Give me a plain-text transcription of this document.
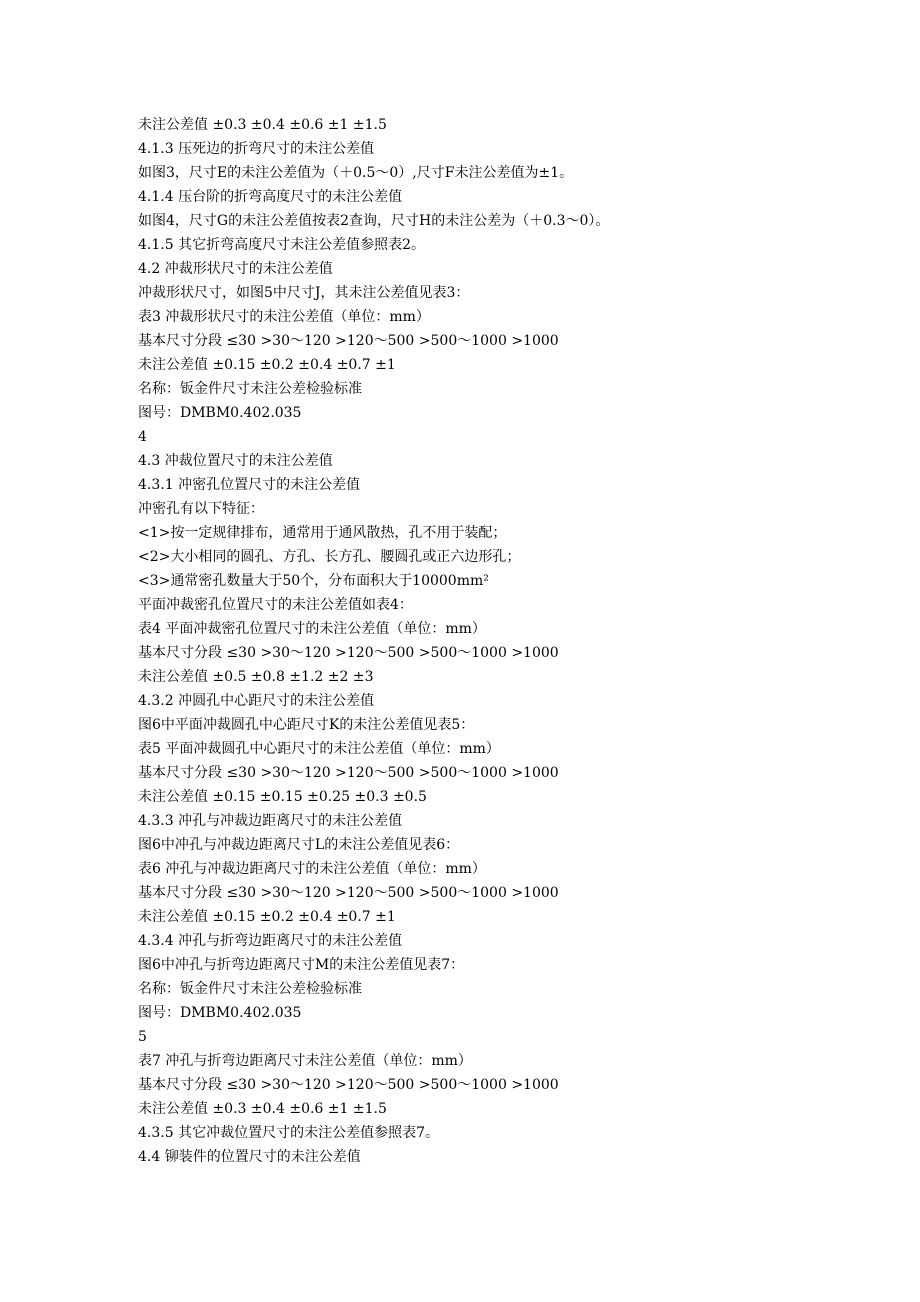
未注公差值 ±0.3 ±0.4 ±0.6 ±1 ±1.5
4.1.3 压死边的折弯尺寸的未注公差值
如图3，尺寸E的未注公差值为（＋0.5～0）,尺寸F未注公差值为±1。
4.1.4 压台阶的折弯高度尺寸的未注公差值
如图4，尺寸G的未注公差值按表2查询，尺寸H的未注公差为（＋0.3～0）。
4.1.5 其它折弯高度尺寸未注公差值参照表2。
4.2 冲裁形状尺寸的未注公差值
冲裁形状尺寸，如图5中尺寸J，其未注公差值见表3：
表3 冲裁形状尺寸的未注公差值（单位：mm）
基本尺寸分段 ≤30 >30～120 >120～500 >500～1000 >1000
未注公差值 ±0.15 ±0.2 ±0.4 ±0.7 ±1
名称：钣金件尺寸未注公差检验标准
图号：DMBM0.402.035
4
4.3 冲裁位置尺寸的未注公差值
4.3.1 冲密孔位置尺寸的未注公差值
冲密孔有以下特征：
<1>按一定规律排布，通常用于通风散热，孔不用于装配；
<2>大小相同的圆孔、方孔、长方孔、腰圆孔或正六边形孔；
<3>通常密孔数量大于50个，分布面积大于10000mm²
平面冲裁密孔位置尺寸的未注公差值如表4：
表4 平面冲裁密孔位置尺寸的未注公差值（单位：mm）
基本尺寸分段 ≤30 >30～120 >120～500 >500～1000 >1000
未注公差值 ±0.5 ±0.8 ±1.2 ±2 ±3
4.3.2 冲圆孔中心距尺寸的未注公差值
图6中平面冲裁圆孔中心距尺寸K的未注公差值见表5：
表5 平面冲裁圆孔中心距尺寸的未注公差值（单位：mm）
基本尺寸分段 ≤30 >30～120 >120～500 >500～1000 >1000
未注公差值 ±0.15 ±0.15 ±0.25 ±0.3 ±0.5
4.3.3 冲孔与冲裁边距离尺寸的未注公差值
图6中冲孔与冲裁边距离尺寸L的未注公差值见表6：
表6 冲孔与冲裁边距离尺寸的未注公差值（单位：mm）
基本尺寸分段 ≤30 >30～120 >120～500 >500～1000 >1000
未注公差值 ±0.15 ±0.2 ±0.4 ±0.7 ±1
4.3.4 冲孔与折弯边距离尺寸的未注公差值
图6中冲孔与折弯边距离尺寸M的未注公差值见表7：
名称：钣金件尺寸未注公差检验标准
图号：DMBM0.402.035
5
表7 冲孔与折弯边距离尺寸未注公差值（单位：mm）
基本尺寸分段 ≤30 >30～120 >120～500 >500～1000 >1000
未注公差值 ±0.3 ±0.4 ±0.6 ±1 ±1.5
4.3.5 其它冲裁位置尺寸的未注公差值参照表7。
4.4 铆装件的位置尺寸的未注公差值
